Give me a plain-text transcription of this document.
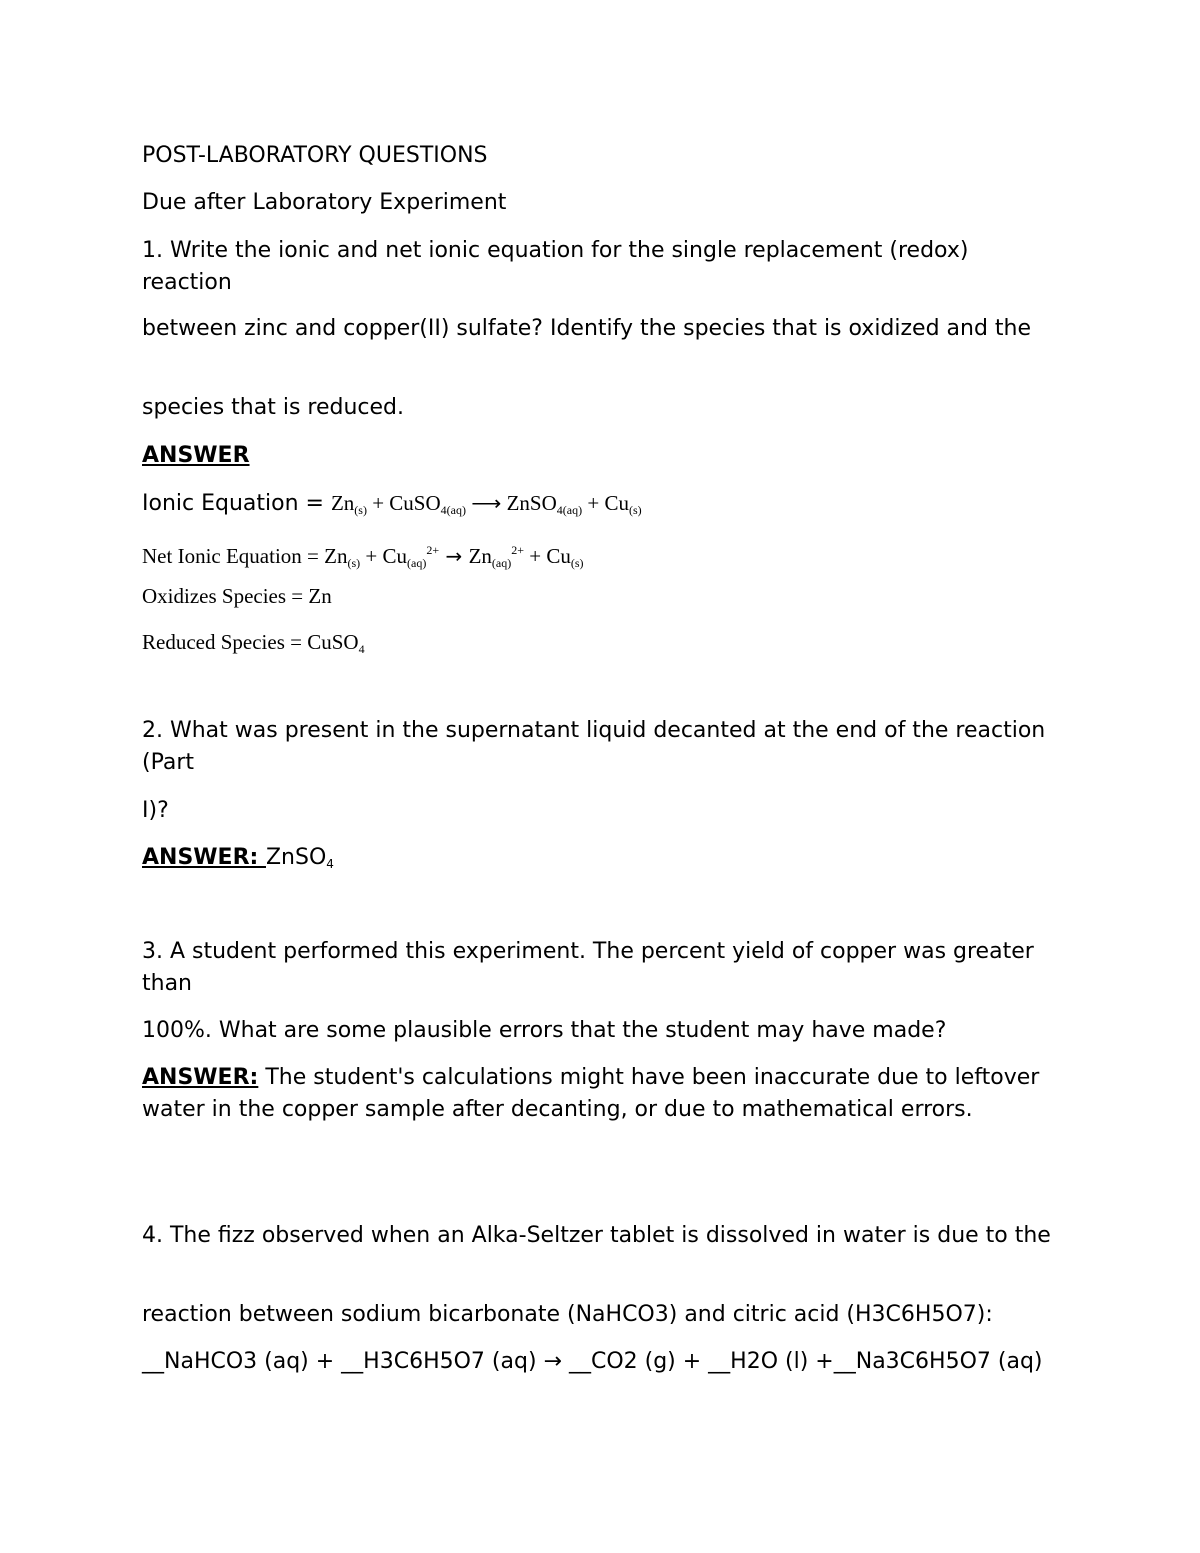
POST-LABORATORY QUESTIONS

Due after Laboratory Experiment

1. Write the ionic and net ionic equation for the single replacement (redox) reaction

between zinc and copper(II) sulfate? Identify the species that is oxidized and the

species that is reduced.

ANSWER

Ionic Equation = Zn(s) + CuSO4(aq) ⟶ ZnSO4(aq) + Cu(s)

Net Ionic Equation = Zn(s) + Cu(aq)$^{2+}$ → Zn(aq)$^{2+}$ + Cu(s)

Oxidizes Species = Zn

Reduced Species = CuSO4

2. What was present in the supernatant liquid decanted at the end of the reaction (Part

I)?

ANSWER: ZnSO4

3. A student performed this experiment. The percent yield of copper was greater than

100%. What are some plausible errors that the student may have made?

ANSWER: The student's calculations might have been inaccurate due to leftover water in the copper sample after decanting, or due to mathematical errors.

4. The fizz observed when an Alka-Seltzer tablet is dissolved in water is due to the

reaction between sodium bicarbonate (NaHCO3) and citric acid (H3C6H5O7):

__NaHCO3 (aq) + __H3C6H5O7 (aq) → __CO2 (g) + __H2O (l) +__Na3C6H5O7 (aq)
